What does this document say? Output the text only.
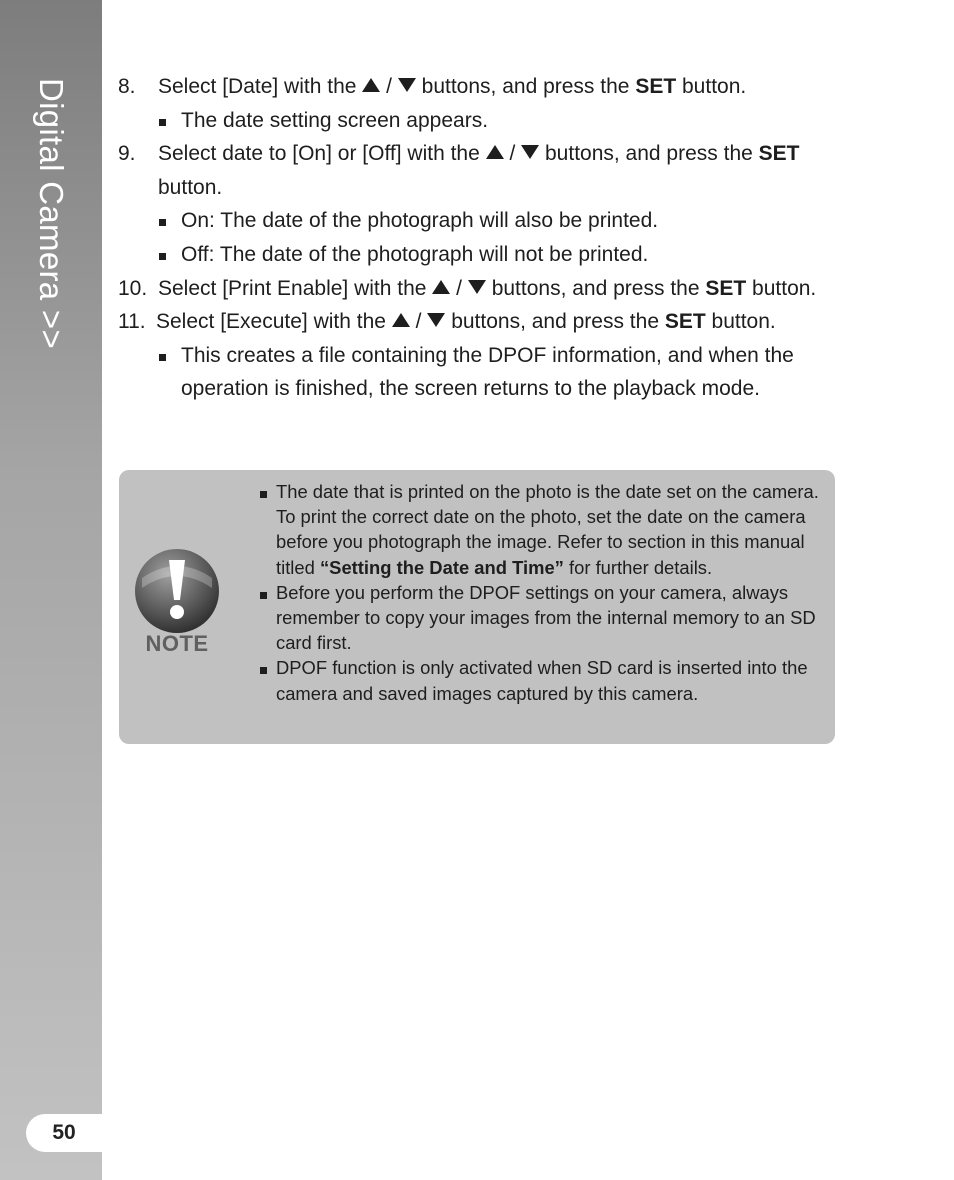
Digital Camera >>
50
8. Select [Date] with the / buttons, and press the SET button.
The date setting screen appears.
9. Select date to [On] or [Off] with the / buttons, and press the SET
button.
On: The date of the photograph will also be printed.
Off: The date of the photograph will not be printed.
10. Select [Print Enable] with the / buttons, and press the SET button.
11. Select [Execute] with the / buttons, and press the SET button.
This creates a file containing the DPOF information, and when the operation is finished, the screen returns to the playback mode.
NOTE
The date that is printed on the photo is the date set on the camera. To print the correct date on the photo, set the date on the camera before you photograph the image. Refer to section in this manual titled “Setting the Date and Time” for further details.
Before you perform the DPOF settings on your camera, always remember to copy your images from the internal memory to an SD card first.
DPOF function is only activated when SD card is inserted into the camera and saved images captured by this camera.
